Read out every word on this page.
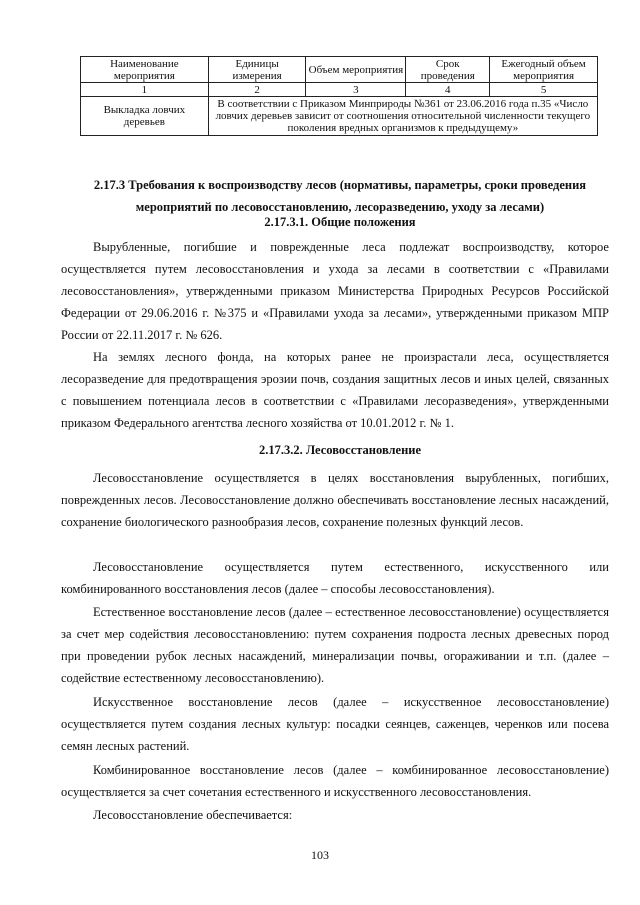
Наименование мероприятия	Единицы измерения	Объем мероприятия	Срок проведения	Ежегодный объем мероприятия
1	2	3	4	5
Выкладка ловчих деревьев	В соответствии с Приказом Минприроды №361 от 23.06.2016 года п.35 «Число ловчих деревьев зависит от соотношения относительной численности текущего поколения вредных организмов к предыдущему»			
2.17.3 Требования к воспроизводству лесов (нормативы, параметры, сроки проведения мероприятий по лесовосстановлению, лесоразведению, уходу за лесами)
2.17.3.1. Общие положения

Вырубленные, погибшие и поврежденные леса подлежат воспроизводству, которое осуществляется путем лесовосстановления и ухода за лесами в соответствии с «Правилами лесовосстановления», утвержденными приказом Министерства Природных Ресурсов Российской Федерации от 29.06.2016 г. №375 и «Правилами ухода за лесами», утвержденными приказом МПР России от 22.11.2017 г. № 626.

На землях лесного фонда, на которых ранее не произрастали леса, осуществляется лесоразведение для предотвращения эрозии почв, создания защитных лесов и иных целей, связанных с повышением потенциала лесов в соответствии с «Правилами лесоразведения», утвержденными приказом Федерального агентства лесного хозяйства от 10.01.2012 г. № 1.

2.17.3.2. Лесовосстановление

Лесовосстановление осуществляется в целях восстановления вырубленных, погибших, поврежденных лесов. Лесовосстановление должно обеспечивать восстановление лесных насаждений, сохранение биологического разнообразия лесов, сохранение полезных функций лесов.

Лесовосстановление осуществляется путем естественного, искусственного или комбинированного восстановления лесов (далее – способы лесовосстановления).

Естественное восстановление лесов (далее – естественное лесовосстановление) осуществляется за счет мер содействия лесовосстановлению: путем сохранения подроста лесных древесных пород при проведении рубок лесных насаждений, минерализации почвы, огораживании и т.п. (далее – содействие естественному лесовосстановлению).

Искусственное восстановление лесов (далее – искусственное лесовосстановление) осуществляется путем создания лесных культур: посадки сеянцев, саженцев, черенков или посева семян лесных растений.

Комбинированное восстановление лесов (далее – комбинированное лесовосстановление) осуществляется за счет сочетания естественного и искусственного лесовосстановления.

Лесовосстановление обеспечивается:

103
